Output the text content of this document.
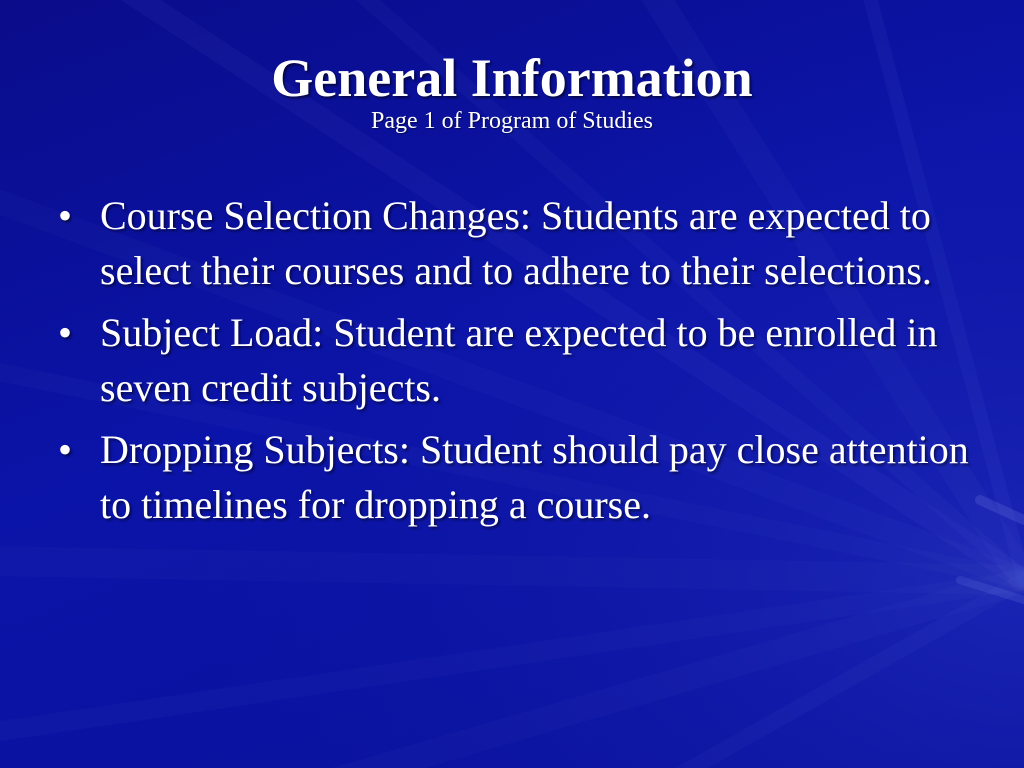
General Information
Page 1 of Program of Studies
• Course Selection Changes: Students are expected to select their courses and to adhere to their selections.
• Subject Load: Student are expected to be enrolled in seven credit subjects.
• Dropping Subjects: Student should pay close attention to timelines for dropping a course.
